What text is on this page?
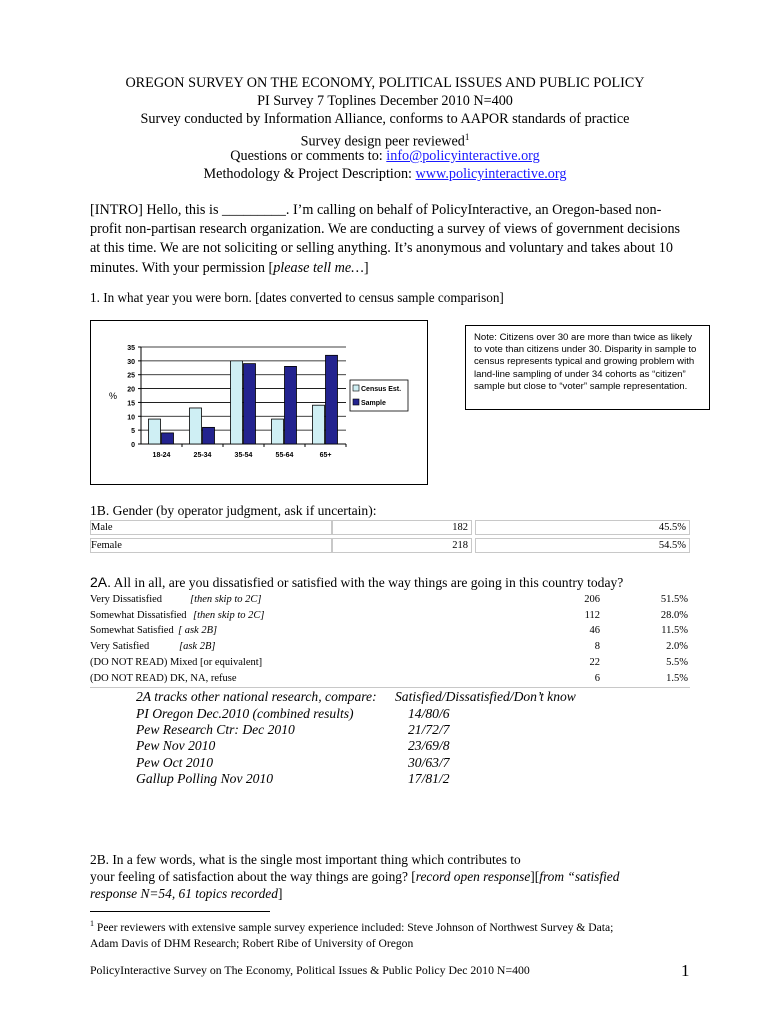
OREGON SURVEY ON THE ECONOMY, POLITICAL ISSUES AND PUBLIC POLICY
PI Survey 7 Toplines December 2010 N=400
Survey conducted by Information Alliance, conforms to AAPOR standards of practice
Survey design peer reviewed$^1$
Questions or comments to: info@policyinteractive.org
Methodology & Project Description: www.policyinteractive.org
[INTRO] Hello, this is _________. I’m calling on behalf of PolicyInteractive, an Oregon-based non-profit non-partisan research organization. We are conducting a survey of views of government decisions at this time. We are not soliciting or selling anything. It’s anonymous and voluntary and takes about 10 minutes. With your permission [please tell me…]
1. In what year you were born. [dates converted to census sample comparison]
0
5
10
15
20
25
30
35
%
18-24	25-34	35-54	55-64	65+
Census Est.
Sample
Note: Citizens over 30 are more than twice as likely to vote than citizens under 30. Disparity in sample to census represents typical and growing problem with land-line sampling of under 34 cohorts as “citizen” sample but close to “voter” sample representation.
1B. Gender (by operator judgment, ask if uncertain):
Male	182	45.5%
Female	218	54.5%
2A. All in all, are you dissatisfied or satisfied with the way things are going in this country today?
Very Dissatisfied	[then skip to 2C]	206	51.5%
Somewhat Dissatisfied [then skip to 2C]	112	28.0%
Somewhat Satisfied [ ask 2B]	46	11.5%
Very Satisfied	[ask 2B]	8	2.0%
(DO NOT READ) Mixed [or equivalent]	22	5.5%
(DO NOT READ) DK, NA, refuse	6	1.5%
2A tracks other national research, compare: Satisfied/Dissatisfied/Don’t know
PI Oregon Dec.2010 (combined results)	14/80/6
Pew Research Ctr: Dec 2010	21/72/7
Pew Nov 2010	23/69/8
Pew Oct 2010	30/63/7
Gallup Polling Nov 2010	17/81/2
2B. In a few words, what is the single most important thing which contributes to
your feeling of satisfaction about the way things are going? [record open response][from “satisfied
response N=54, 61 topics recorded]
$^1$ Peer reviewers with extensive sample survey experience included: Steve Johnson of Northwest Survey & Data;
Adam Davis of DHM Research; Robert Ribe of University of Oregon
PolicyInteractive Survey on The Economy, Political Issues & Public Policy Dec 2010 N=400	1
